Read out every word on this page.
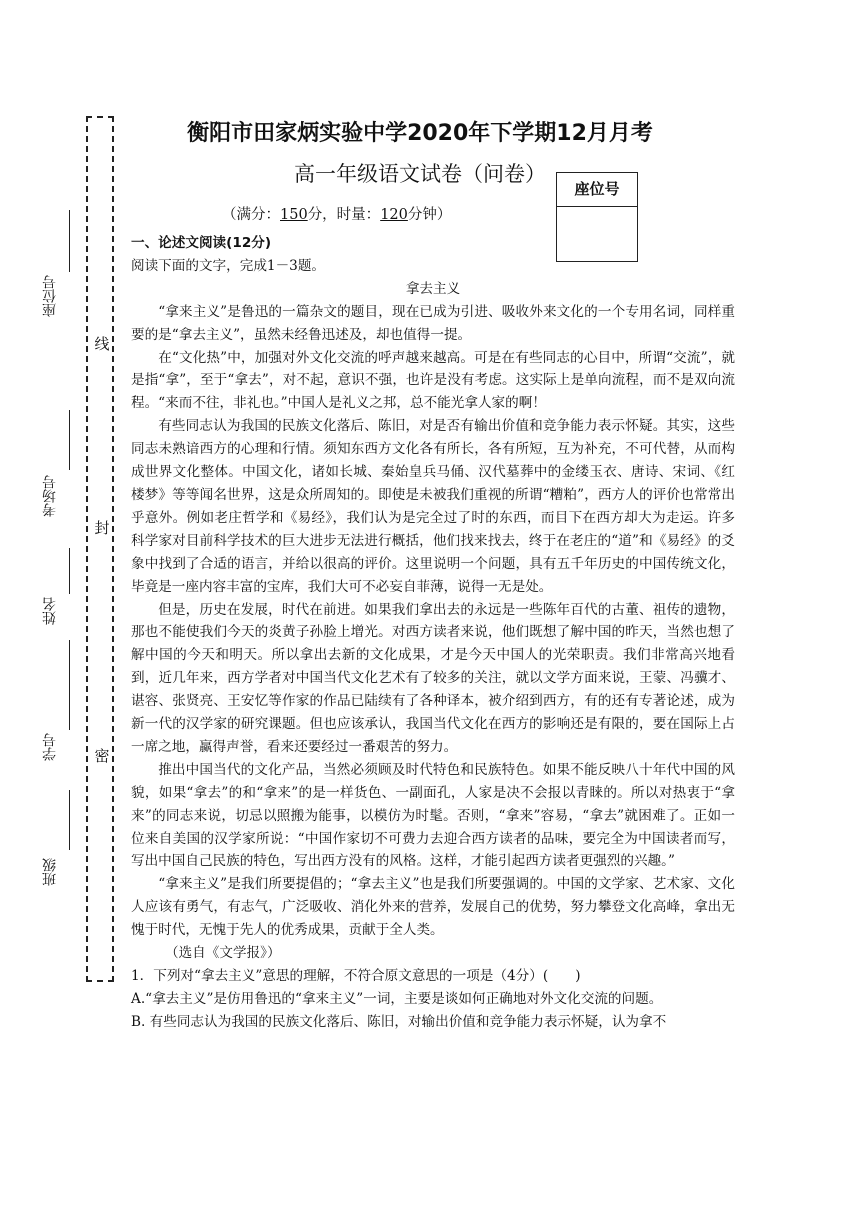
线
封
密
座位号
考场号
姓名
学号
班级
衡阳市田家炳实验中学2020年下学期12月月考
高一年级语文试卷（问卷）
座位号
（满分：150分，时量：120分钟）

一、论述文阅读(12分)

阅读下面的文字，完成1－3题。

拿去主义

“拿来主义”是鲁迅的一篇杂文的题目，现在已成为引进、吸收外来文化的一个专用名词，同样重要的是“拿去主义”，虽然未经鲁迅述及，却也值得一提。

在“文化热”中，加强对外文化交流的呼声越来越高。可是在有些同志的心目中，所谓“交流”，就是指“拿”，至于“拿去”，对不起，意识不强，也许是没有考虑。这实际上是单向流程，而不是双向流程。“来而不往，非礼也。”中国人是礼义之邦，总不能光拿人家的啊！

有些同志认为我国的民族文化落后、陈旧，对是否有输出价值和竞争能力表示怀疑。其实，这些同志未熟谙西方的心理和行情。须知东西方文化各有所长，各有所短，互为补充，不可代替，从而构成世界文化整体。中国文化，诸如长城、秦始皇兵马俑、汉代墓葬中的金缕玉衣、唐诗、宋词、《红楼梦》等等闻名世界，这是众所周知的。即使是未被我们重视的所谓“糟粕”，西方人的评价也常常出乎意外。例如老庄哲学和《易经》，我们认为是完全过了时的东西，而目下在西方却大为走运。许多科学家对目前科学技术的巨大进步无法进行概括，他们找来找去，终于在老庄的“道”和《易经》的爻象中找到了合适的语言，并给以很高的评价。这里说明一个问题，具有五千年历史的中国传统文化，毕竟是一座内容丰富的宝库，我们大可不必妄自菲薄，说得一无是处。

但是，历史在发展，时代在前进。如果我们拿出去的永远是一些陈年百代的古董、祖传的遗物，那也不能使我们今天的炎黄子孙脸上增光。对西方读者来说，他们既想了解中国的昨天，当然也想了解中国的今天和明天。所以拿出去新的文化成果，才是今天中国人的光荣职责。我们非常高兴地看到，近几年来，西方学者对中国当代文化艺术有了较多的关注，就以文学方面来说，王蒙、冯骥才、谌容、张贤亮、王安忆等作家的作品已陆续有了各种译本，被介绍到西方，有的还有专著论述，成为新一代的汉学家的研究课题。但也应该承认，我国当代文化在西方的影响还是有限的，要在国际上占一席之地，赢得声誉，看来还要经过一番艰苦的努力。

推出中国当代的文化产品，当然必须顾及时代特色和民族特色。如果不能反映八十年代中国的风貌，如果“拿去”的和“拿来”的是一样货色、一副面孔，人家是决不会报以青睐的。所以对热衷于“拿来”的同志来说，切忌以照搬为能事，以模仿为时髦。否则，“拿来”容易，“拿去”就困难了。正如一位来自美国的汉学家所说：“中国作家切不可费力去迎合西方读者的品味，要完全为中国读者而写，写出中国自己民族的特色，写出西方没有的风格。这样，才能引起西方读者更强烈的兴趣。”

“拿来主义”是我们所要提倡的；“拿去主义”也是我们所要强调的。中国的文学家、艺术家、文化人应该有勇气，有志气，广泛吸收、消化外来的营养，发展自己的优势，努力攀登文化高峰，拿出无愧于时代，无愧于先人的优秀成果，贡献于全人类。

（选自《文学报》）

1．下列对“拿去主义”意思的理解，不符合原文意思的一项是（4分）(　　)

A.“拿去主义”是仿用鲁迅的“拿来主义”一词，主要是谈如何正确地对外文化交流的问题。

B. 有些同志认为我国的民族文化落后、陈旧，对输出价值和竞争能力表示怀疑，认为拿不
